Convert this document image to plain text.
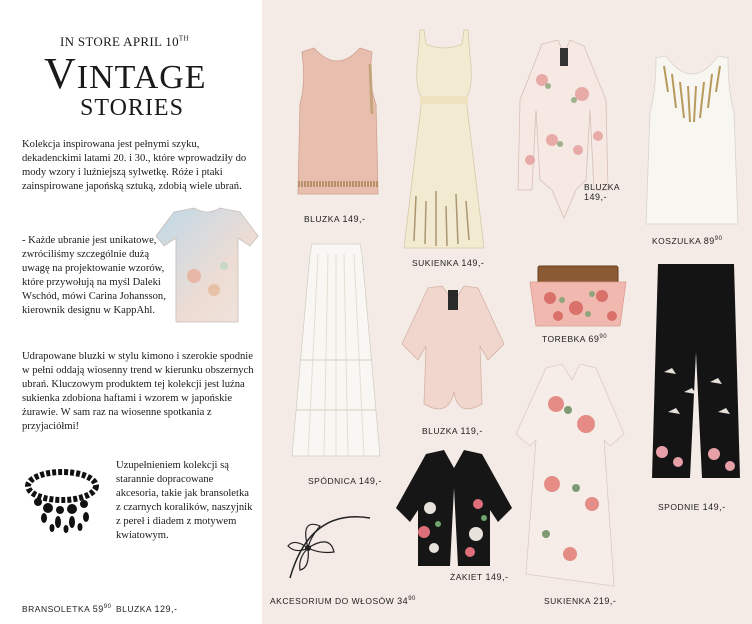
IN STORE APRIL 10TH
VINTAGE
STORIES
Kolekcja inspirowana jest pełnymi szyku, dekadenckimi latami 20. i 30., które wprowadziły do mody wzory i luźniejszą sylwetkę. Róże i ptaki zainspirowane japońską sztuką, zdobią wiele ubrań.
- Każde ubranie jest unikatowe, zwróciliśmy szczególnie dużą uwagę na projektowanie wzorów, które przywołują na myśl Daleki Wschód, mówi Carina Johansson, kierownik designu w KappAhl.
Udrapowane bluzki w stylu kimono i szerokie spodnie w pełni oddają wiosenny trend w kierunku obszernych ubrań. Kluczowym produktem tej kolekcji jest luźna sukienka zdobiona haftami i wzorem w japońskie żurawie. W sam raz na wiosenne spotkania z przyjaciółmi!
Uzupełnieniem kolekcji są starannie dopracowane akcesoria, takie jak bransoletka z czarnych koralików, naszyjnik z pereł i diadem z motywem kwiatowym.
BRANSOLETKA $59^{90}$ BLUZKA 129,-
BLUZKA 149,-
SUKIENKA 149,-
BLUZKA
149,-
KOSZULKA $89^{90}$
SPÓDNICA 149,-
BLUZKA 119,-
TOREBKA $69^{90}$
SPODNIE 149,-
SUKIENKA 219,-
ŻAKIET 149,-
AKCESORIUM DO WŁOSÓW $34^{90}$
